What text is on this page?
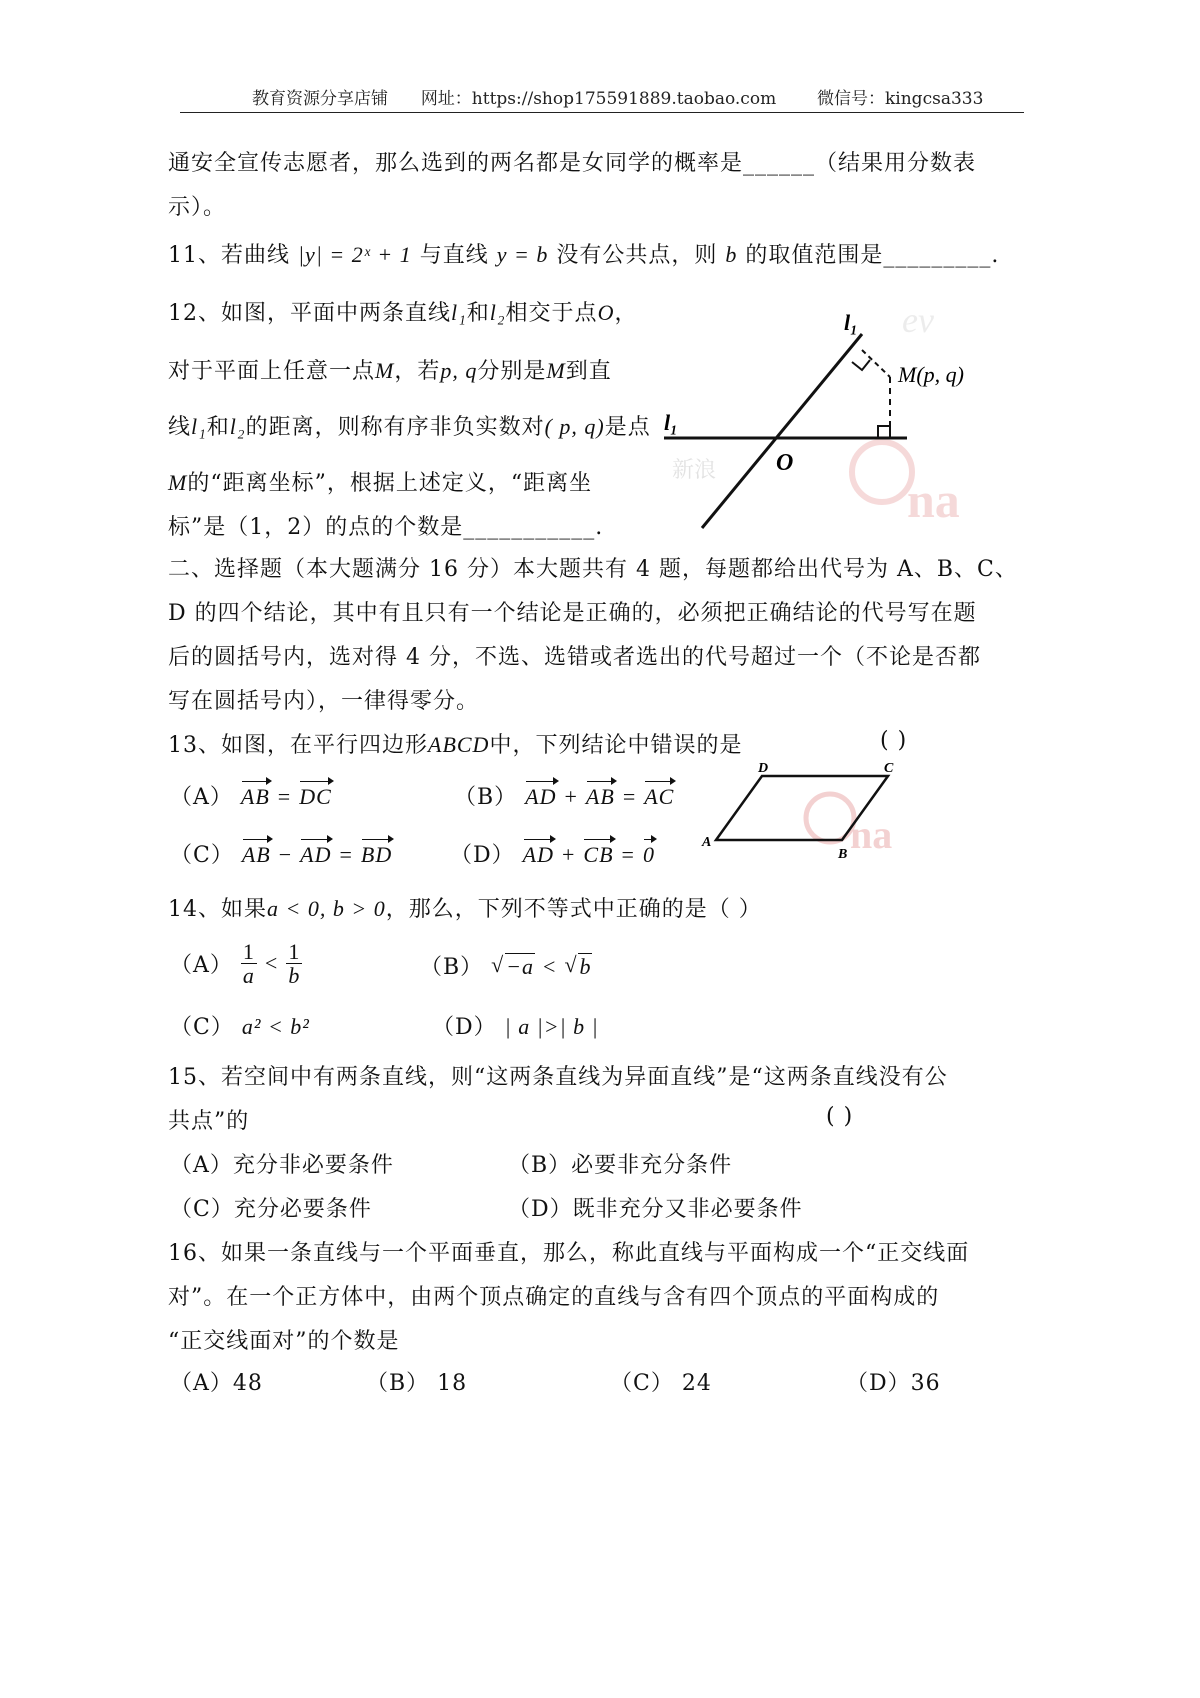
教育资源分享店铺 网址：https://shop175591889.taobao.com 微信号：kingcsa333
通安全宣传志愿者，那么选到的两名都是女同学的概率是______（结果用分数表
示）。
11、若曲线 |y| = 2ˣ + 1 与直线 y = b 没有公共点，则 b 的取值范围是_________.
12、如图，平面中两条直线l₁和l₂相交于点O，
对于平面上任意一点M，若p, q分别是M到直
线l₁和l₂的距离，则称有序非负实数对( p, q)是点
M的“距离坐标”，根据上述定义，“距离坐
标”是（1，2）的点的个数是___________.
ev
na
新浪
l₁
M(p, q)
l₁
O
二、选择题（本大题满分 16 分）本大题共有 4 题，每题都给出代号为 A、B、C、
D 的四个结论，其中有且只有一个结论是正确的，必须把正确结论的代号写在题
后的圆括号内，选对得 4 分，不选、选错或者选出的代号超过一个（不论是否都
写在圆括号内），一律得零分。
13、如图，在平行四边形ABCD中，下列结论中错误的是	( )
（A） AB = DC	（B） AD + AB = AC
（C） AB − AD = BD	（D） AD + CB = 0	na
A
D	C
B
14、如果a < 0, b > 0，那么，下列不等式中正确的是（ ）
$(A) \frac{1}{a} < \frac{1}{b}$	（B） √ −a < √ b
（C） a² < b²	（D） | a |>| b |
15、若空间中有两条直线，则“这两条直线为异面直线”是“这两条直线没有公
共点”的	( )
（A）充分非必要条件	（B）必要非充分条件
（C）充分必要条件	（D）既非充分又非必要条件
16、如果一条直线与一个平面垂直，那么，称此直线与平面构成一个“正交线面
对”。在一个正方体中，由两个顶点确定的直线与含有四个顶点的平面构成的
“正交线面对”的个数是
（A）48	（B） 18	（C） 24	（D）36
